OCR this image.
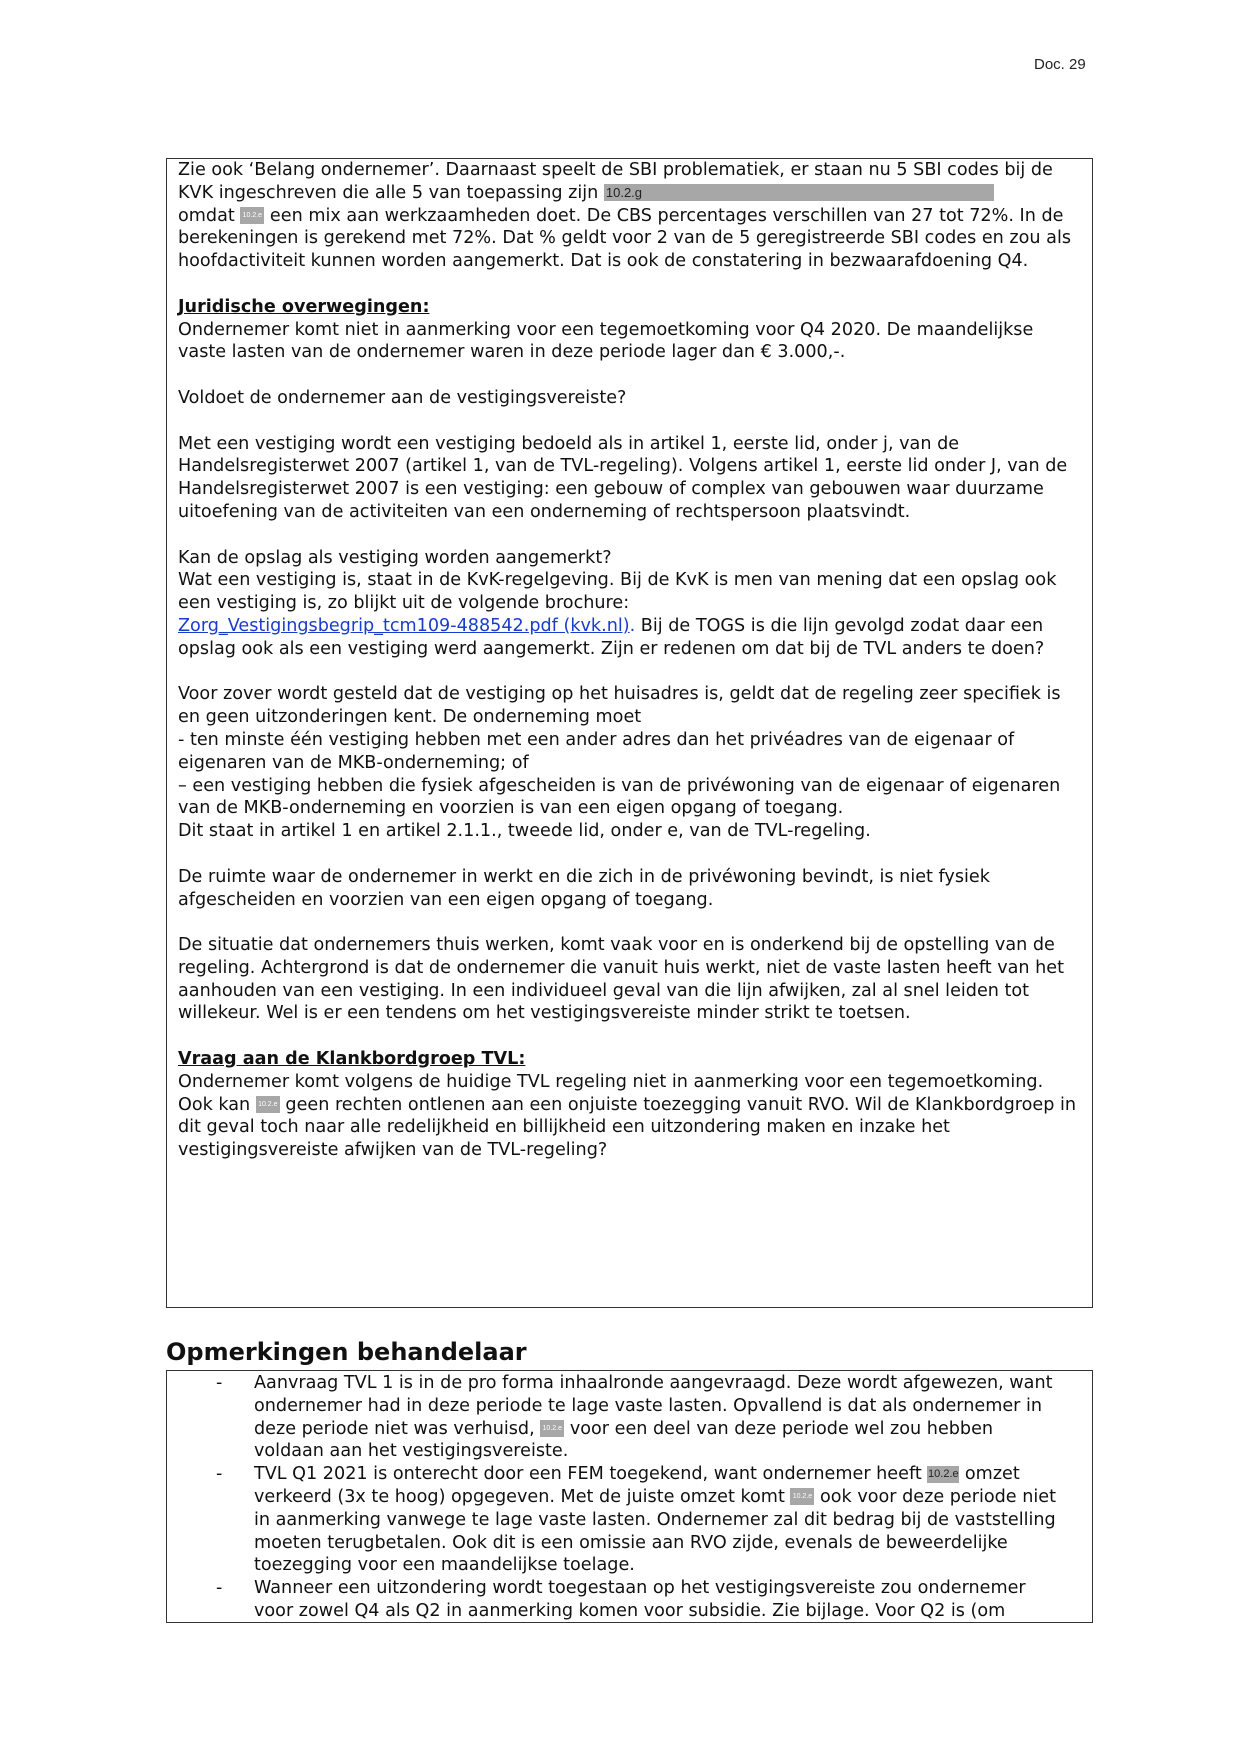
Doc. 29

Zie ook ‘Belang ondernemer’. Daarnaast speelt de SBI problematiek, er staan nu 5 SBI codes bij de KVK ingeschreven die alle 5 van toepassing zijn 10.2.g
omdat 10.2.e een mix aan werkzaamheden doet. De CBS percentages verschillen van 27 tot 72%. In de berekeningen is gerekend met 72%. Dat % geldt voor 2 van de 5 geregistreerde SBI codes en zou als hoofdactiviteit kunnen worden aangemerkt. Dat is ook de constatering in bezwaarafdoening Q4.

Juridische overwegingen:

Ondernemer komt niet in aanmerking voor een tegemoetkoming voor Q4 2020. De maandelijkse vaste lasten van de ondernemer waren in deze periode lager dan € 3.000,-.

Voldoet de ondernemer aan de vestigingsvereiste?

Met een vestiging wordt een vestiging bedoeld als in artikel 1, eerste lid, onder j, van de Handelsregisterwet 2007 (artikel 1, van de TVL-regeling). Volgens artikel 1, eerste lid onder J, van de Handelsregisterwet 2007 is een vestiging: een gebouw of complex van gebouwen waar duurzame uitoefening van de activiteiten van een onderneming of rechtspersoon plaatsvindt.

Kan de opslag als vestiging worden aangemerkt?

Wat een vestiging is, staat in de KvK-regelgeving. Bij de KvK is men van mening dat een opslag ook een vestiging is, zo blijkt uit de volgende brochure:

Zorg_Vestigingsbegrip_tcm109-488542.pdf (kvk.nl). Bij de TOGS is die lijn gevolgd zodat daar een opslag ook als een vestiging werd aangemerkt. Zijn er redenen om dat bij de TVL anders te doen?

Voor zover wordt gesteld dat de vestiging op het huisadres is, geldt dat de regeling zeer specifiek is en geen uitzonderingen kent. De onderneming moet

- ten minste één vestiging hebben met een ander adres dan het privéadres van de eigenaar of eigenaren van de MKB-onderneming; of

– een vestiging hebben die fysiek afgescheiden is van de privéwoning van de eigenaar of eigenaren van de MKB-onderneming en voorzien is van een eigen opgang of toegang.

Dit staat in artikel 1 en artikel 2.1.1., tweede lid, onder e, van de TVL-regeling.

De ruimte waar de ondernemer in werkt en die zich in de privéwoning bevindt, is niet fysiek afgescheiden en voorzien van een eigen opgang of toegang.

De situatie dat ondernemers thuis werken, komt vaak voor en is onderkend bij de opstelling van de regeling. Achtergrond is dat de ondernemer die vanuit huis werkt, niet de vaste lasten heeft van het aanhouden van een vestiging. In een individueel geval van die lijn afwijken, zal al snel leiden tot willekeur. Wel is er een tendens om het vestigingsvereiste minder strikt te toetsen.

Vraag aan de Klankbordgroep TVL:

Ondernemer komt volgens de huidige TVL regeling niet in aanmerking voor een tegemoetkoming. Ook kan 10.2.e geen rechten ontlenen aan een onjuiste toezegging vanuit RVO. Wil de Klankbordgroep in dit geval toch naar alle redelijkheid en billijkheid een uitzondering maken en inzake het vestigingsvereiste afwijken van de TVL-regeling?

Opmerkingen behandelaar
- Aanvraag TVL 1 is in de pro forma inhaalronde aangevraagd. Deze wordt afgewezen, want ondernemer had in deze periode te lage vaste lasten. Opvallend is dat als ondernemer in deze periode niet was verhuisd, 10.2.e voor een deel van deze periode wel zou hebben voldaan aan het vestigingsvereiste.
- TVL Q1 2021 is onterecht door een FEM toegekend, want ondernemer heeft 10.2.e omzet verkeerd (3x te hoog) opgegeven. Met de juiste omzet komt 10.2.e ook voor deze periode niet in aanmerking vanwege te lage vaste lasten. Ondernemer zal dit bedrag bij de vaststelling moeten terugbetalen. Ook dit is een omissie aan RVO zijde, evenals de beweerdelijke toezegging voor een maandelijkse toelage.
- Wanneer een uitzondering wordt toegestaan op het vestigingsvereiste zou ondernemer voor zowel Q4 als Q2 in aanmerking komen voor subsidie. Zie bijlage. Voor Q2 is (om
